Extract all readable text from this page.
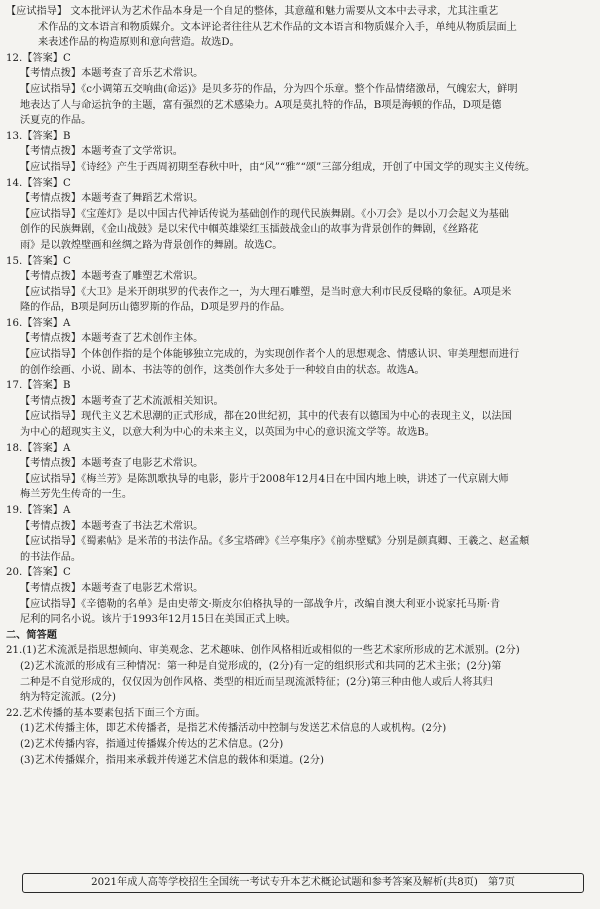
【应试指导】 文本批评认为艺术作品本身是一个自足的整体，其意蕴和魅力需要从文本中去寻求，尤其注重艺
术作品的文本语言和物质媒介。文本评论者往往从艺术作品的文本语言和物质媒介入手，单纯从物质层面上
来表述作品的构造原则和意向营造。故选D。
12.【答案】C
【考情点拨】本题考查了音乐艺术常识。
【应试指导】《c小调第五交响曲(命运)》是贝多芬的作品，分为四个乐章。整个作品情绪激昂，气魄宏大，鲜明
地表达了人与命运抗争的主题，富有强烈的艺术感染力。A项是莫扎特的作品，B项是海顿的作品，D项是德
沃夏克的作品。
13.【答案】B
【考情点拨】本题考查了文学常识。
【应试指导】《诗经》产生于西周初期至春秋中叶，由“风”“雅”“颂”三部分组成，开创了中国文学的现实主义传统。
14.【答案】C
【考情点拨】本题考查了舞蹈艺术常识。
【应试指导】《宝莲灯》是以中国古代神话传说为基础创作的现代民族舞剧。《小刀会》是以小刀会起义为基础
创作的民族舞剧，《金山战鼓》是以宋代中帼英雄梁红玉擂鼓战金山的故事为背景创作的舞剧，《丝路花
雨》是以敦煌壁画和丝绸之路为背景创作的舞剧。故选C。
15.【答案】C
【考情点拨】本题考查了雕塑艺术常识。
【应试指导】《大卫》是米开朗琪罗的代表作之一，为大理石雕塑，是当时意大利市民反侵略的象征。A项是米
隆的作品，B项是阿历山德罗斯的作品，D项是罗丹的作品。
16.【答案】A
【考情点拨】本题考查了艺术创作主体。
【应试指导】个体创作指的是个体能够独立完成的，为实现创作者个人的思想观念、情感认识、审美理想而进行
的创作绘画、小说、剧本、书法等的创作，这类创作大多处于一种较自由的状态。故选A。
17.【答案】B
【考情点拨】本题考查了艺术流派相关知识。
【应试指导】现代主义艺术思潮的正式形成，都在20世纪初，其中的代表有以德国为中心的表现主义，以法国
为中心的超现实主义，以意大利为中心的未来主义，以英国为中心的意识流文学等。故选B。
18.【答案】A
【考情点拨】本题考查了电影艺术常识。
【应试指导】《梅兰芳》是陈凯歌执导的电影，影片于2008年12月4日在中国内地上映，讲述了一代京剧大师
梅兰芳先生传奇的一生。
19.【答案】A
【考情点拨】本题考查了书法艺术常识。
【应试指导】《蜀素帖》是米芾的书法作品。《多宝塔碑》《兰亭集序》《前赤壁赋》分别是颜真卿、王羲之、赵孟頫
的书法作品。
20.【答案】C
【考情点拨】本题考查了电影艺术常识。
【应试指导】《辛德勒的名单》是由史蒂文·斯皮尔伯格执导的一部战争片，改编自澳大利亚小说家托马斯·肯
尼利的同名小说。该片于1993年12月15日在美国正式上映。
二、简答题
21.(1)艺术流派是指思想倾向、审美观念、艺术趣味、创作风格相近或相似的一些艺术家所形成的艺术派别。(2分)
(2)艺术流派的形成有三种情况：第一种是自觉形成的，(2分)有一定的组织形式和共同的艺术主张；(2分)第
二种是不自觉形成的，仅仅因为创作风格、类型的相近而呈现流派特征；(2分)第三种由他人或后人将其归
纳为特定流派。(2分)
22.艺术传播的基本要素包括下面三个方面。
(1)艺术传播主体，即艺术传播者，是指艺术传播活动中控制与发送艺术信息的人或机构。(2分)
(2)艺术传播内容，指通过传播媒介传达的艺术信息。(2分)
(3)艺术传播媒介，指用来承载并传递艺术信息的载体和渠道。(2分)
2021年成人高等学校招生全国统一考试专升本艺术概论试题和参考答案及解析(共8页)　第7页
